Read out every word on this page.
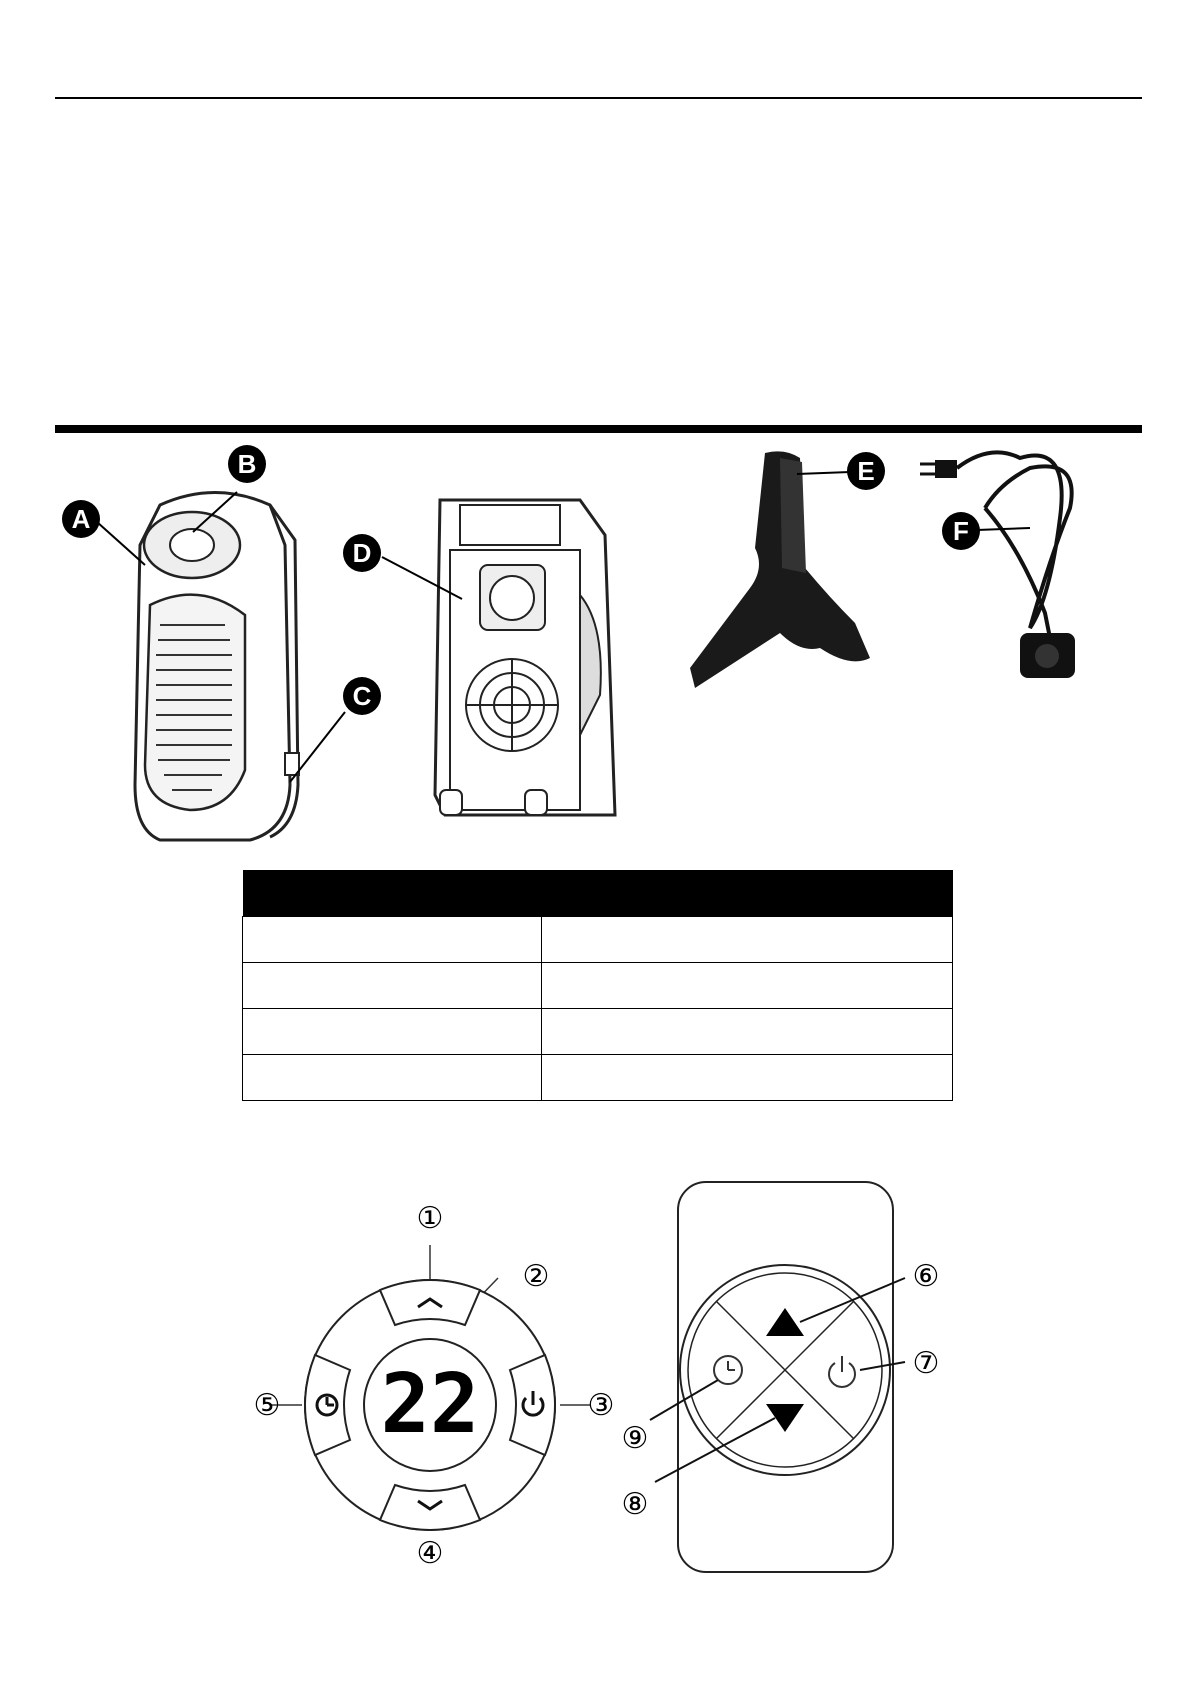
A
B
C
D
E
F

22
①
②
③
④
⑤
⑥
⑦
⑧
⑨
